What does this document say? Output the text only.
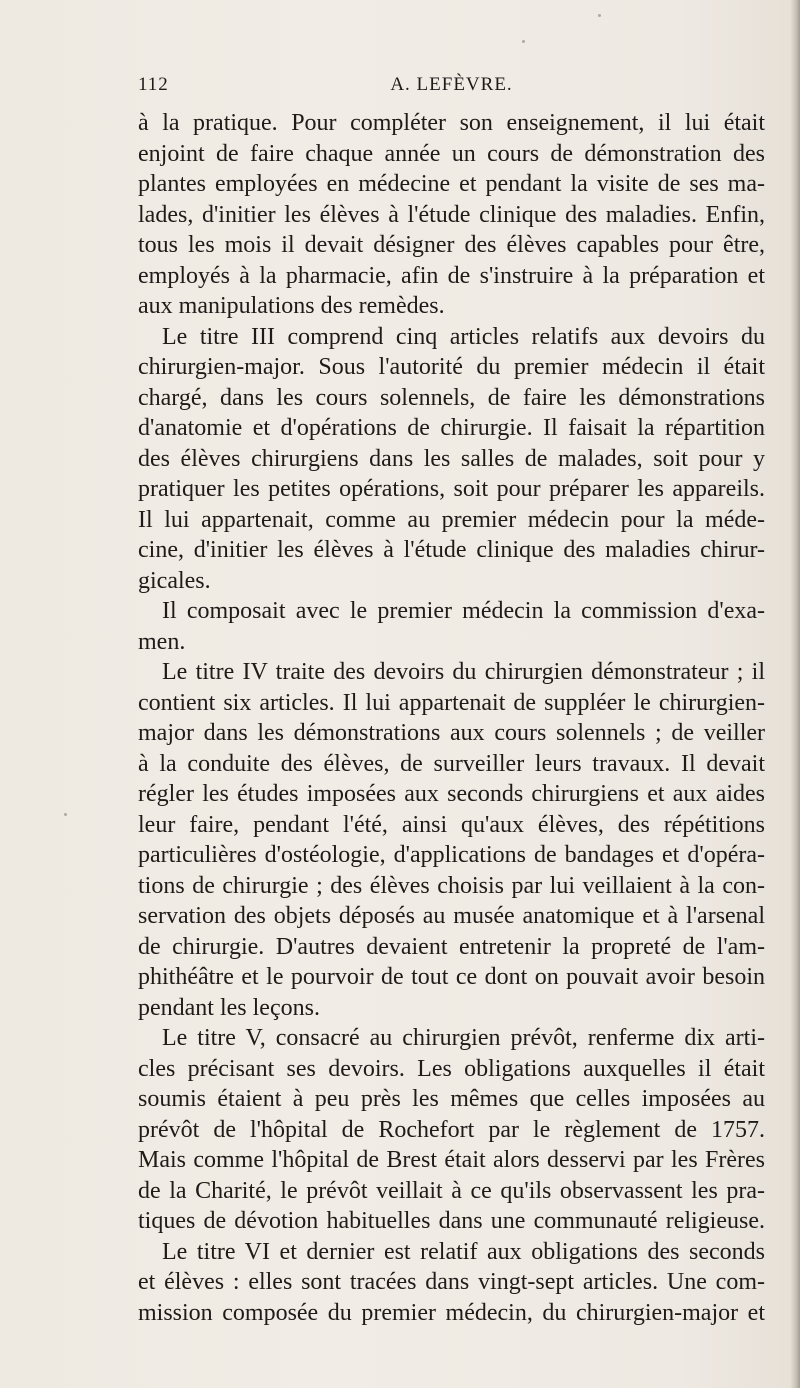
112	A. LEFÈVRE.
à la pratique. Pour compléter son enseignement, il lui était
enjoint de faire chaque année un cours de démonstration des
plantes employées en médecine et pendant la visite de ses ma-
lades, d'initier les élèves à l'étude clinique des maladies. Enfin,
tous les mois il devait désigner des élèves capables pour être,
employés à la pharmacie, afin de s'instruire à la préparation et
aux manipulations des remèdes.
Le titre III comprend cinq articles relatifs aux devoirs du
chirurgien-major. Sous l'autorité du premier médecin il était
chargé, dans les cours solennels, de faire les démonstrations
d'anatomie et d'opérations de chirurgie. Il faisait la répartition
des élèves chirurgiens dans les salles de malades, soit pour y
pratiquer les petites opérations, soit pour préparer les appareils.
Il lui appartenait, comme au premier médecin pour la méde-
cine, d'initier les élèves à l'étude clinique des maladies chirur-
gicales.
Il composait avec le premier médecin la commission d'exa-
men.
Le titre IV traite des devoirs du chirurgien démonstrateur ; il
contient six articles. Il lui appartenait de suppléer le chirurgien-
major dans les démonstrations aux cours solennels ; de veiller
à la conduite des élèves, de surveiller leurs travaux. Il devait
régler les études imposées aux seconds chirurgiens et aux aides
leur faire, pendant l'été, ainsi qu'aux élèves, des répétitions
particulières d'ostéologie, d'applications de bandages et d'opéra-
tions de chirurgie ; des élèves choisis par lui veillaient à la con-
servation des objets déposés au musée anatomique et à l'arsenal
de chirurgie. D'autres devaient entretenir la propreté de l'am-
phithéâtre et le pourvoir de tout ce dont on pouvait avoir besoin
pendant les leçons.
Le titre V, consacré au chirurgien prévôt, renferme dix arti-
cles précisant ses devoirs. Les obligations auxquelles il était
soumis étaient à peu près les mêmes que celles imposées au
prévôt de l'hôpital de Rochefort par le règlement de 1757.
Mais comme l'hôpital de Brest était alors desservi par les Frères
de la Charité, le prévôt veillait à ce qu'ils observassent les pra-
tiques de dévotion habituelles dans une communauté religieuse.
Le titre VI et dernier est relatif aux obligations des seconds
et élèves : elles sont tracées dans vingt-sept articles. Une com-
mission composée du premier médecin, du chirurgien-major et
